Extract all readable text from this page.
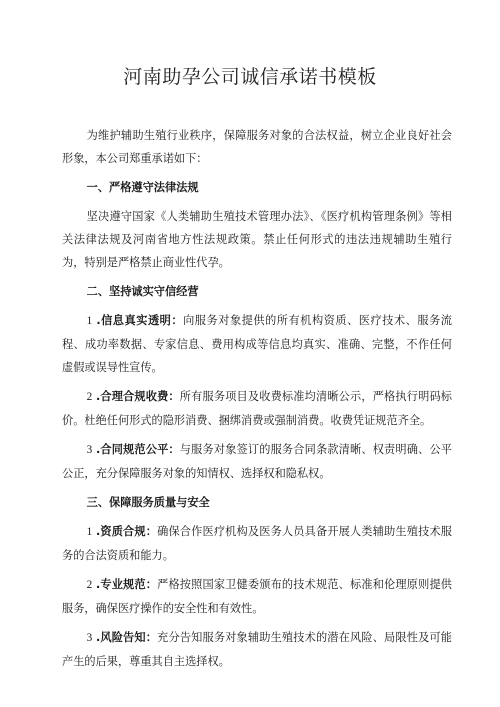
河南助孕公司诚信承诺书模板

为维护辅助生殖行业秩序，保障服务对象的合法权益，树立企业良好社会形象，本公司郑重承诺如下：

一、严格遵守法律法规

坚决遵守国家《人类辅助生殖技术管理办法》、《医疗机构管理条例》等相关法律法规及河南省地方性法规政策。禁止任何形式的违法违规辅助生殖行为，特别是严格禁止商业性代孕。

二、坚持诚实守信经营

1 .信息真实透明：向服务对象提供的所有机构资质、医疗技术、服务流程、成功率数据、专家信息、费用构成等信息均真实、准确、完整，不作任何虚假或误导性宣传。

2 .合理合规收费：所有服务项目及收费标准均清晰公示，严格执行明码标价。杜绝任何形式的隐形消费、捆绑消费或强制消费。收费凭证规范齐全。

3 .合同规范公平：与服务对象签订的服务合同条款清晰、权责明确、公平公正，充分保障服务对象的知情权、选择权和隐私权。

三、保障服务质量与安全

1 .资质合规：确保合作医疗机构及医务人员具备开展人类辅助生殖技术服务的合法资质和能力。

2 .专业规范：严格按照国家卫健委颁布的技术规范、标准和伦理原则提供服务，确保医疗操作的安全性和有效性。

3 .风险告知：充分告知服务对象辅助生殖技术的潜在风险、局限性及可能产生的后果，尊重其自主选择权。
